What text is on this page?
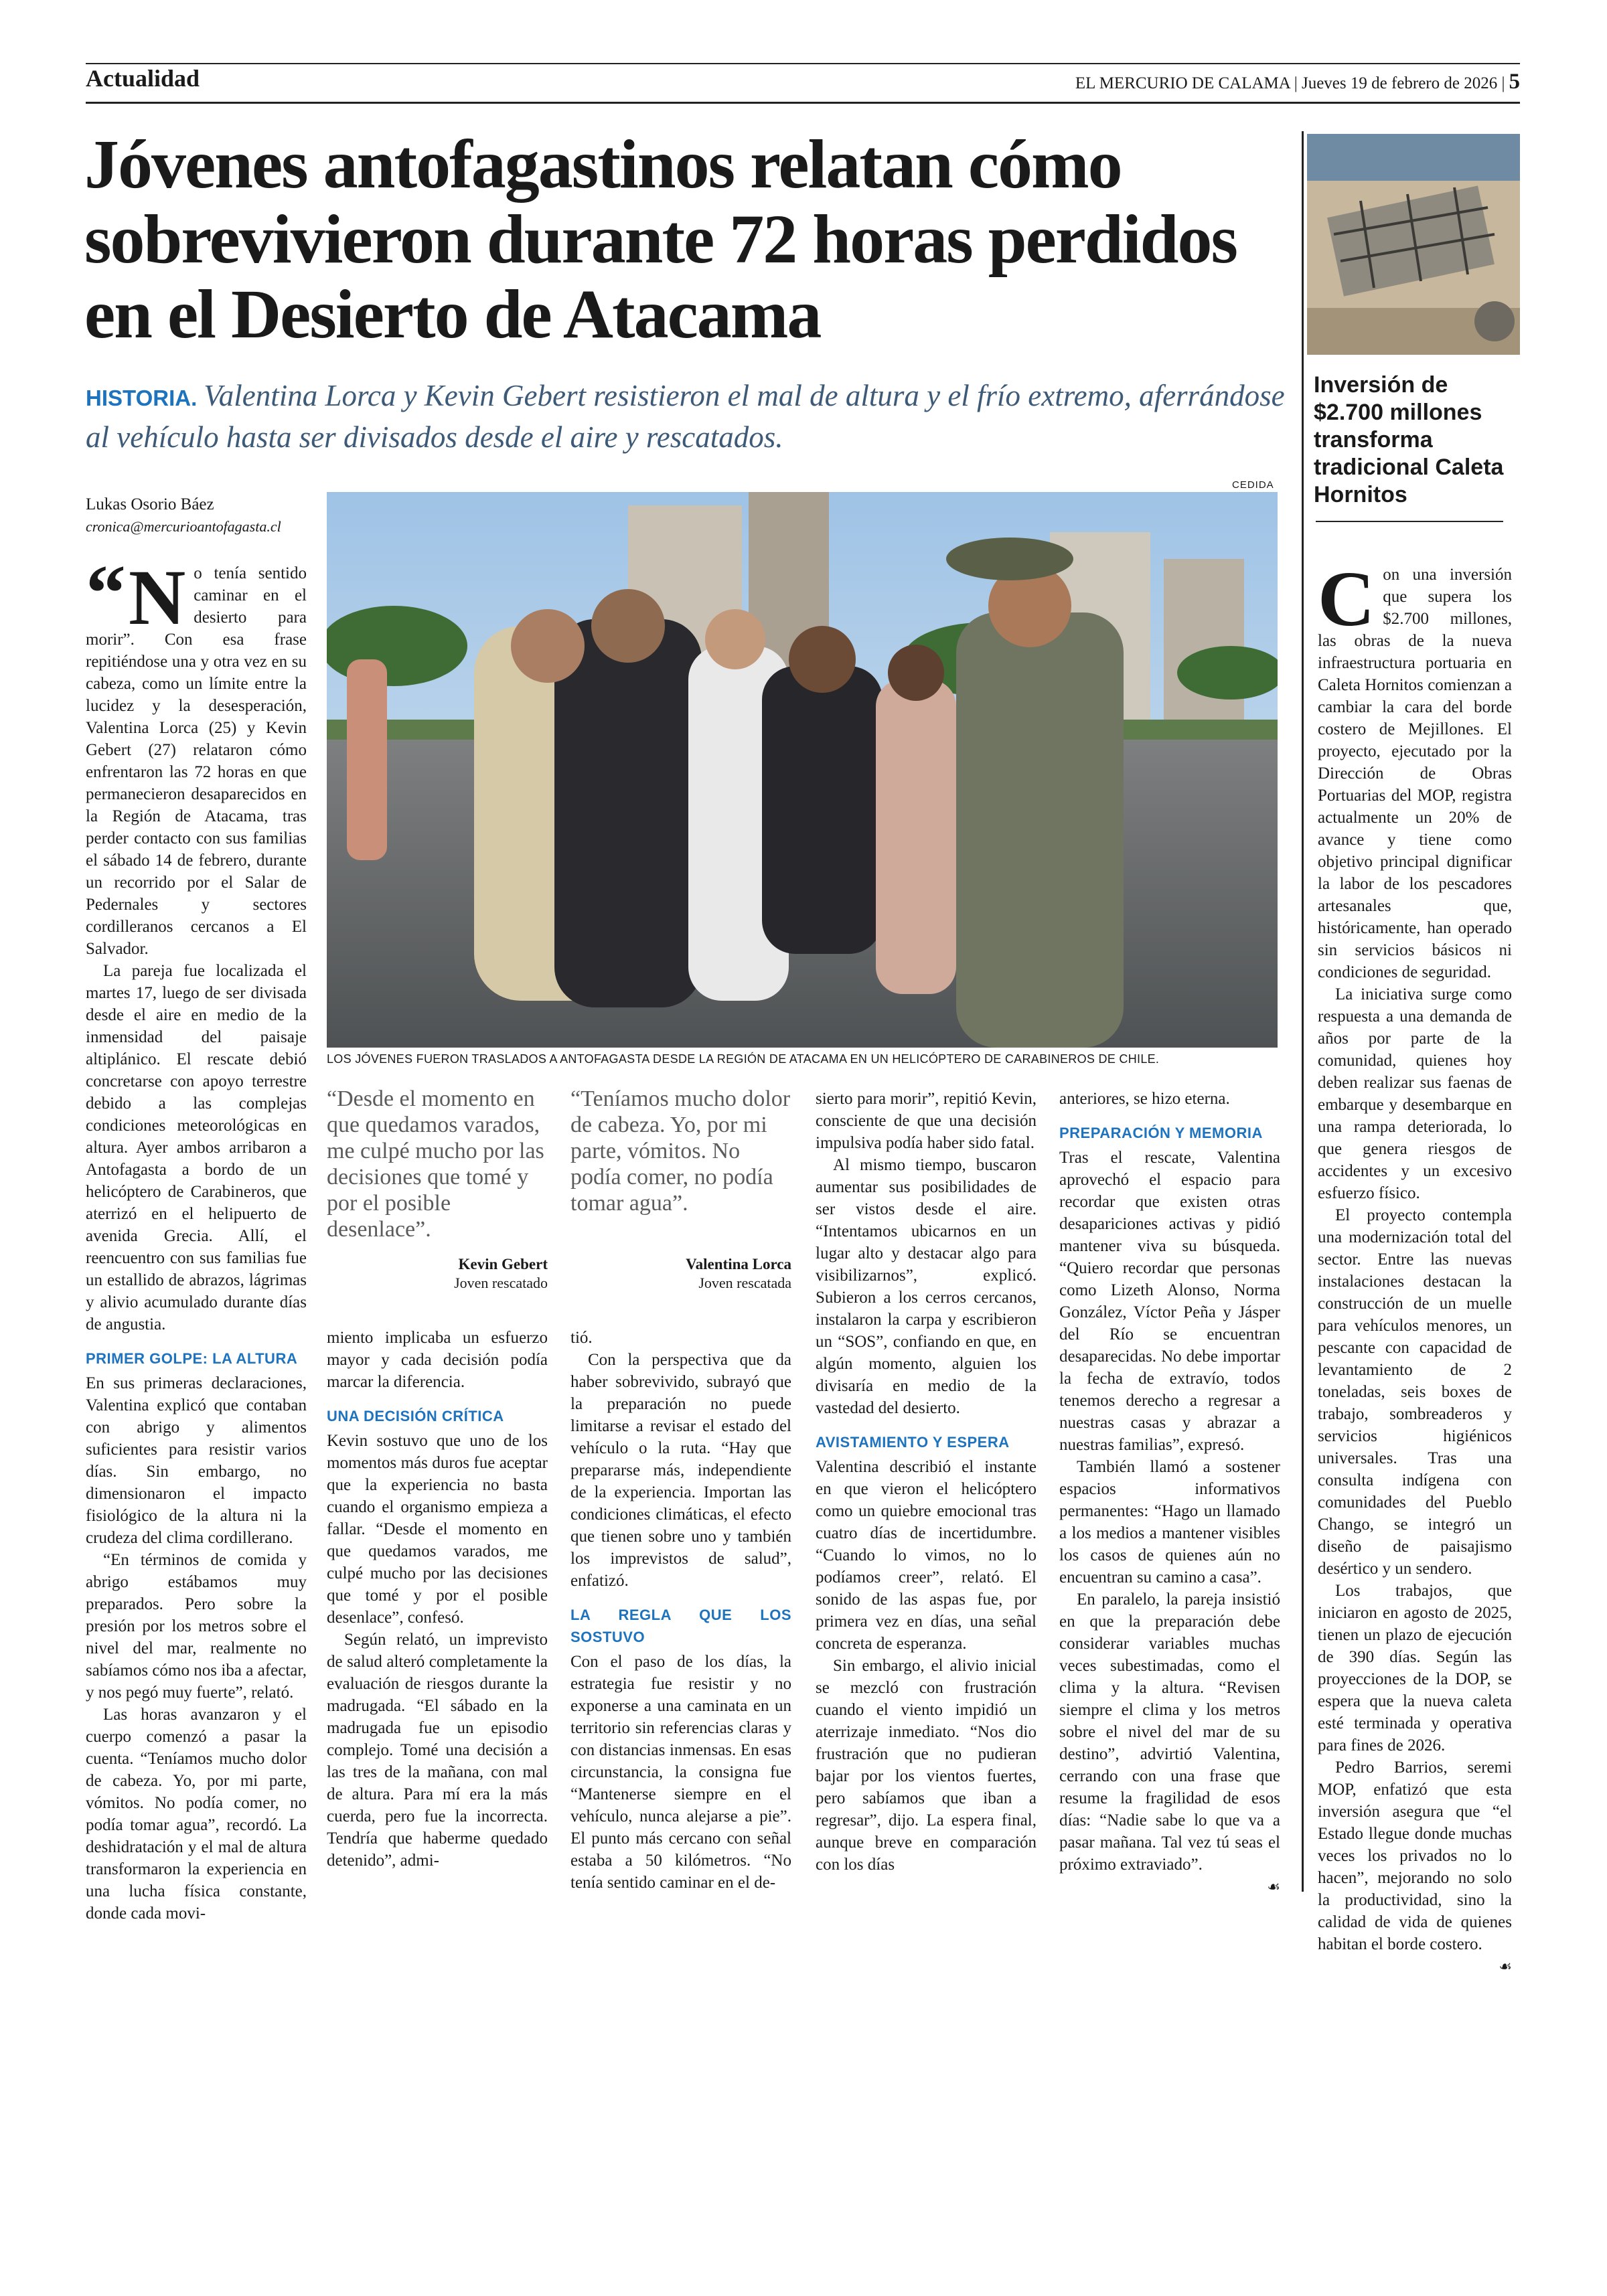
Actualidad	EL MERCURIO DE CALAMA | Jueves 19 de febrero de 2026 | 5
Jóvenes antofagastinos relatan cómo sobrevivieron durante 72 horas perdidos en el Desierto de Atacama
HISTORIA. Valentina Lorca y Kevin Gebert resistieron el mal de altura y el frío extremo, aferrándose al vehículo hasta ser divisados desde el aire y rescatados.
Lukas Osorio Báez
cronica@mercurioantofagasta.cl
CEDIDA
LOS JÓVENES FUERON TRASLADOS A ANTOFAGASTA DESDE LA REGIÓN DE ATACAMA EN UN HELICÓPTERO DE CARABINEROS DE CHILE.

“ N o tenía sentido caminar en el desierto para morir”. Con esa frase repitiéndose una y otra vez en su cabeza, como un límite entre la lucidez y la desesperación, Valentina Lorca (25) y Kevin Gebert (27) relataron cómo enfrentaron las 72 horas en que permanecieron desaparecidos en la Región de Atacama, tras perder contacto con sus familias el sábado 14 de febrero, durante un recorrido por el Salar de Pedernales y sectores cordilleranos cercanos a El Salvador.

La pareja fue localizada el martes 17, luego de ser divisada desde el aire en medio de la inmensidad del paisaje altiplánico. El rescate debió concretarse con apoyo terrestre debido a las complejas condiciones meteorológicas en altura. Ayer ambos arribaron a Antofagasta a bordo de un helicóptero de Carabineros, que aterrizó en el helipuerto de avenida Grecia. Allí, el reencuentro con sus familias fue un estallido de abrazos, lágrimas y alivio acumulado durante días de angustia.

PRIMER GOLPE: LA ALTURA

En sus primeras declaraciones, Valentina explicó que contaban con abrigo y alimentos suficientes para resistir varios días. Sin embargo, no dimensionaron el impacto fisiológico de la altura ni la crudeza del clima cordillerano.

“En términos de comida y abrigo estábamos muy preparados. Pero sobre la presión por los metros sobre el nivel del mar, realmente no sabíamos cómo nos iba a afectar, y nos pegó muy fuerte”, relató.

Las horas avanzaron y el cuerpo comenzó a pasar la cuenta. “Teníamos mucho dolor de cabeza. Yo, por mi parte, vómitos. No podía comer, no podía tomar agua”, recordó. La deshidratación y el mal de altura transformaron la experiencia en una lucha física constante, donde cada movi-

“Desde el momento en que quedamos varados, me culpé mucho por las decisiones que tomé y por el posible desenlace”.
Kevin Gebert
Joven rescatado
“Teníamos mucho dolor de cabeza. Yo, por mi parte, vómitos. No podía comer, no podía tomar agua”.
Valentina Lorca
Joven rescatada

miento implicaba un esfuerzo mayor y cada decisión podía marcar la diferencia.

UNA DECISIÓN CRÍTICA

Kevin sostuvo que uno de los momentos más duros fue aceptar que la experiencia no basta cuando el organismo empieza a fallar. “Desde el momento en que quedamos varados, me culpé mucho por las decisiones que tomé y por el posible desenlace”, confesó.

Según relató, un imprevisto de salud alteró completamente la evaluación de riesgos durante la madrugada. “El sábado en la madrugada fue un episodio complejo. Tomé una decisión a las tres de la mañana, con mal de altura. Para mí era la más cuerda, pero fue la incorrecta. Tendría que haberme quedado detenido”, admi-

tió.

Con la perspectiva que da haber sobrevivido, subrayó que la preparación no puede limitarse a revisar el estado del vehículo o la ruta. “Hay que prepararse más, independiente de la experiencia. Importan las condiciones climáticas, el efecto que tienen sobre uno y también los imprevistos de salud”, enfatizó.

LA REGLA QUE LOS SOSTUVO

Con el paso de los días, la estrategia fue resistir y no exponerse a una caminata en un territorio sin referencias claras y con distancias inmensas. En esas circunstancia, la consigna fue “Mantenerse siempre en el vehículo, nunca alejarse a pie”. El punto más cercano con señal estaba a 50 kilómetros. “No tenía sentido caminar en el de-

sierto para morir”, repitió Kevin, consciente de que una decisión impulsiva podía haber sido fatal.

Al mismo tiempo, buscaron aumentar sus posibilidades de ser vistos desde el aire. “Intentamos ubicarnos en un lugar alto y destacar algo para visibilizarnos”, explicó. Subieron a los cerros cercanos, instalaron la carpa y escribieron un “SOS”, confiando en que, en algún momento, alguien los divisaría en medio de la vastedad del desierto.

AVISTAMIENTO Y ESPERA

Valentina describió el instante en que vieron el helicóptero como un quiebre emocional tras cuatro días de incertidumbre. “Cuando lo vimos, no lo podíamos creer”, relató. El sonido de las aspas fue, por primera vez en días, una señal concreta de esperanza.

Sin embargo, el alivio inicial se mezcló con frustración cuando el viento impidió un aterrizaje inmediato. “Nos dio frustración que no pudieran bajar por los vientos fuertes, pero sabíamos que iban a regresar”, dijo. La espera final, aunque breve en comparación con los días

anteriores, se hizo eterna.

PREPARACIÓN Y MEMORIA

Tras el rescate, Valentina aprovechó el espacio para recordar que existen otras desapariciones activas y pidió mantener viva su búsqueda. “Quiero recordar que personas como Lizeth Alonso, Norma González, Víctor Peña y Jásper del Río se encuentran desaparecidas. No debe importar la fecha de extravío, todos tenemos derecho a regresar a nuestras casas y abrazar a nuestras familias”, expresó.

También llamó a sostener espacios informativos permanentes: “Hago un llamado a los medios a mantener visibles los casos de quienes aún no encuentran su camino a casa”.

En paralelo, la pareja insistió en que la preparación debe considerar variables muchas veces subestimadas, como el clima y la altura. “Revisen siempre el clima y los metros sobre el nivel del mar de su destino”, advirtió Valentina, cerrando con una frase que resume la fragilidad de esos días: “Nadie sabe lo que va a pasar mañana. Tal vez tú seas el próximo extraviado”.

☙
Inversión de $2.700 millones transforma tradicional Caleta Hornitos

Con una inversión que supera los $2.700 millones, las obras de la nueva infraestructura portuaria en Caleta Hornitos comienzan a cambiar la cara del borde costero de Mejillones. El proyecto, ejecutado por la Dirección de Obras Portuarias del MOP, registra actualmente un 20% de avance y tiene como objetivo principal dignificar la labor de los pescadores artesanales que, históricamente, han operado sin servicios básicos ni condiciones de seguridad.

La iniciativa surge como respuesta a una demanda de años por parte de la comunidad, quienes hoy deben realizar sus faenas de embarque y desembarque en una rampa deteriorada, lo que genera riesgos de accidentes y un excesivo esfuerzo físico.

El proyecto contempla una modernización total del sector. Entre las nuevas instalaciones destacan la construcción de un muelle para vehículos menores, un pescante con capacidad de levantamiento de 2 toneladas, seis boxes de trabajo, sombreaderos y servicios higiénicos universales. Tras una consulta indígena con comunidades del Pueblo Chango, se integró un diseño de paisajismo desértico y un sendero.

Los trabajos, que iniciaron en agosto de 2025, tienen un plazo de ejecución de 390 días. Según las proyecciones de la DOP, se espera que la nueva caleta esté terminada y operativa para fines de 2026.

Pedro Barrios, seremi MOP, enfatizó que esta inversión asegura que “el Estado llegue donde muchas veces los privados no lo hacen”, mejorando no solo la productividad, sino la calidad de vida de quienes habitan el borde costero.

☙
